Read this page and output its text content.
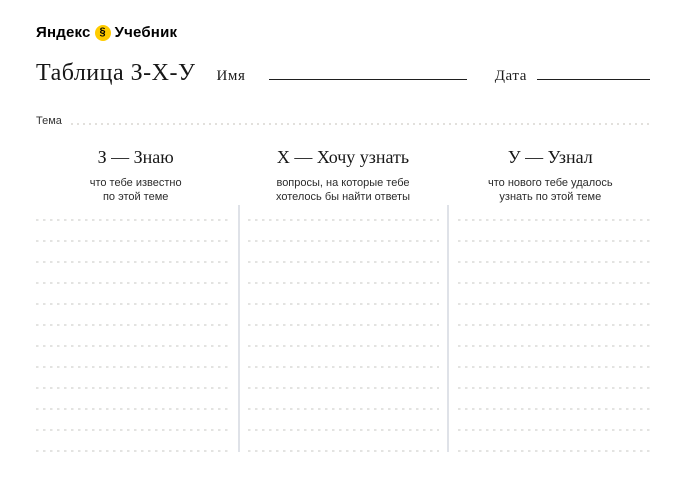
Яндекс § Учебник
Таблица З-Х-У Имя	Дата
Тема
З — Знаю
что тебе известно
по этой теме
Х — Хочу узнать
вопросы, на которые тебе
хотелось бы найти ответы
У — Узнал
что нового тебе удалось
узнать по этой теме
